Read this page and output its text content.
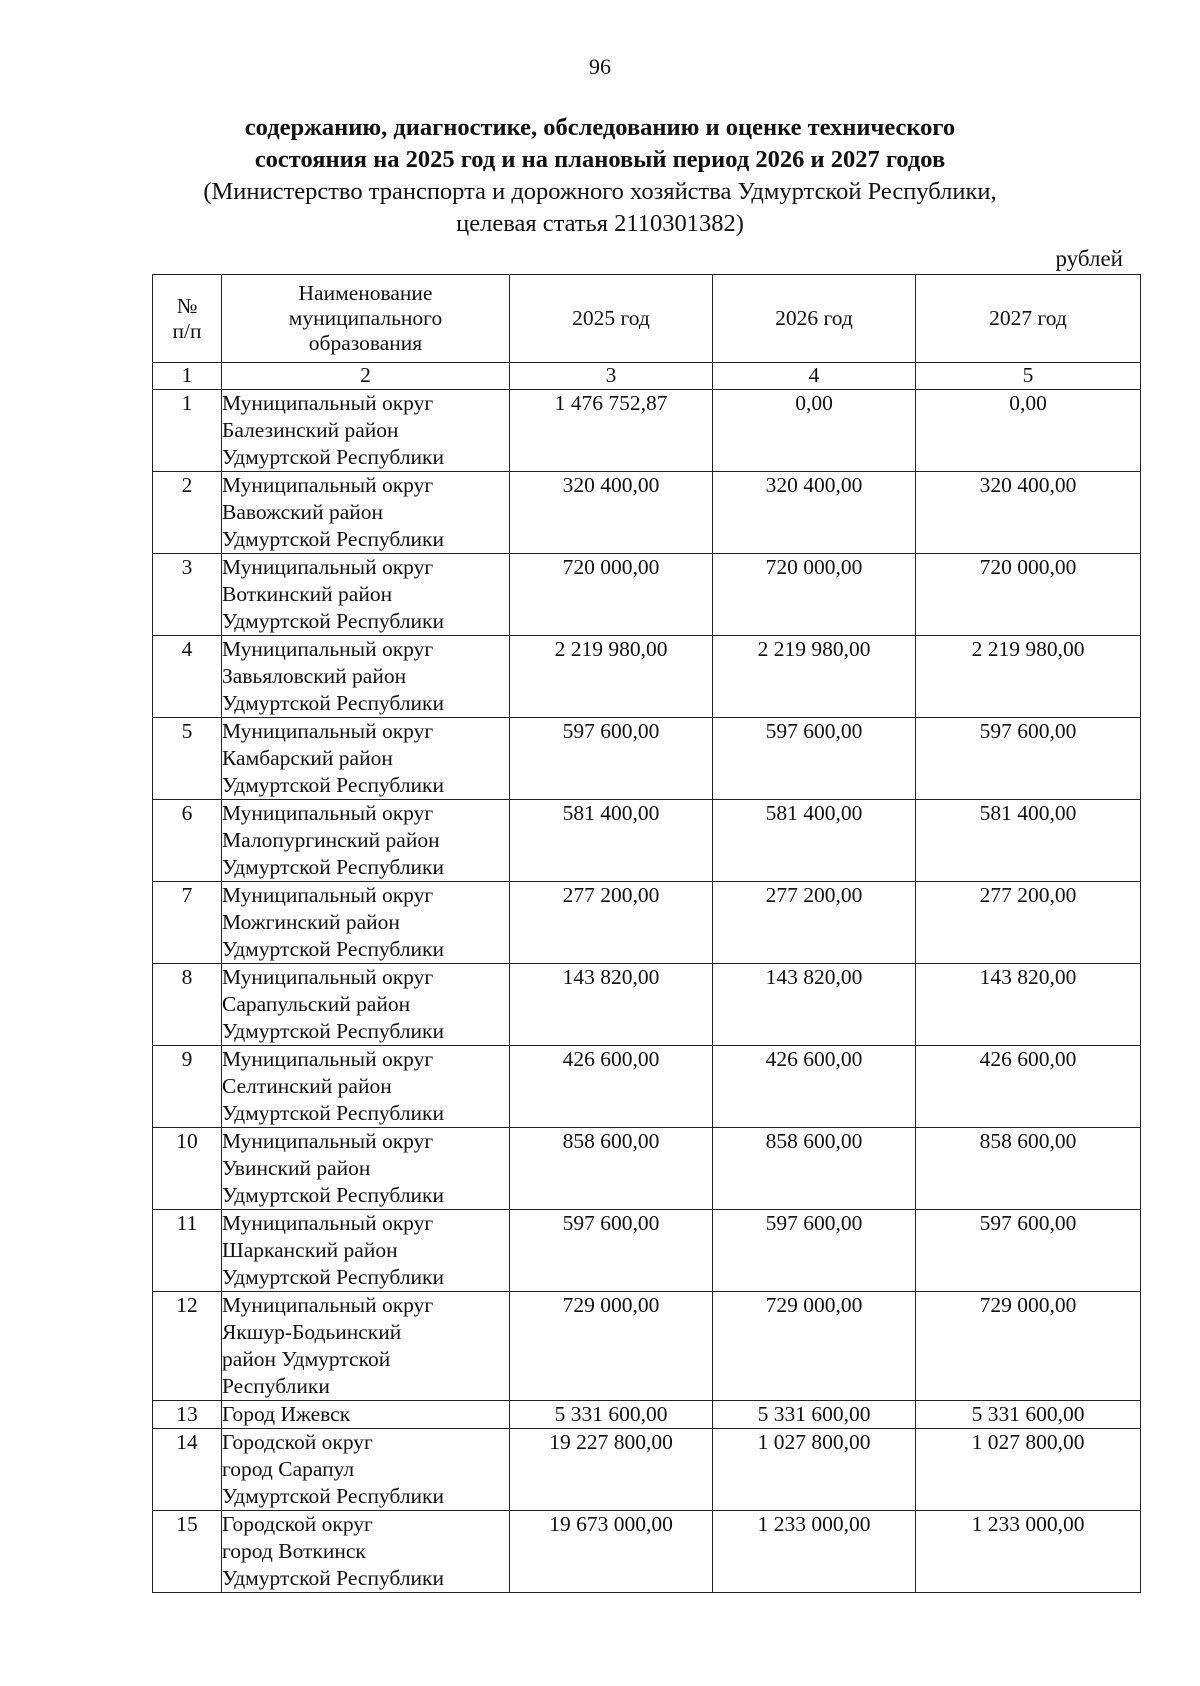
96
содержанию, диагностике, обследованию и оценке технического
состояния на 2025 год и на плановый период 2026 и 2027 годов
(Министерство транспорта и дорожного хозяйства Удмуртской Республики,
целевая статья 2110301382)
рублей
№
п/п	Наименование
муниципального
образования	2025 год	2026 год	2027 год

1	2	3	4	5
1	Муниципальный округ
Балезинский район
Удмуртской Республики	1 476 752,87	0,00	0,00
2	Муниципальный округ
Вавожский район
Удмуртской Республики	320 400,00	320 400,00	320 400,00
3	Муниципальный округ
Воткинский район
Удмуртской Республики	720 000,00	720 000,00	720 000,00
4	Муниципальный округ
Завьяловский район
Удмуртской Республики	2 219 980,00	2 219 980,00	2 219 980,00
5	Муниципальный округ
Камбарский район
Удмуртской Республики	597 600,00	597 600,00	597 600,00
6	Муниципальный округ
Малопургинский район
Удмуртской Республики	581 400,00	581 400,00	581 400,00
7	Муниципальный округ
Можгинский район
Удмуртской Республики	277 200,00	277 200,00	277 200,00
8	Муниципальный округ
Сарапульский район
Удмуртской Республики	143 820,00	143 820,00	143 820,00
9	Муниципальный округ
Селтинский район
Удмуртской Республики	426 600,00	426 600,00	426 600,00
10	Муниципальный округ
Увинский район
Удмуртской Республики	858 600,00	858 600,00	858 600,00
11	Муниципальный округ
Шарканский район
Удмуртской Республики	597 600,00	597 600,00	597 600,00
12	Муниципальный округ
Якшур-Бодьинский
район Удмуртской
Республики	729 000,00	729 000,00	729 000,00
13	Город Ижевск	5 331 600,00	5 331 600,00	5 331 600,00
14	Городской округ
город Сарапул
Удмуртской Республики	19 227 800,00	1 027 800,00	1 027 800,00
15	Городской округ
город Воткинск
Удмуртской Республики	19 673 000,00	1 233 000,00	1 233 000,00
